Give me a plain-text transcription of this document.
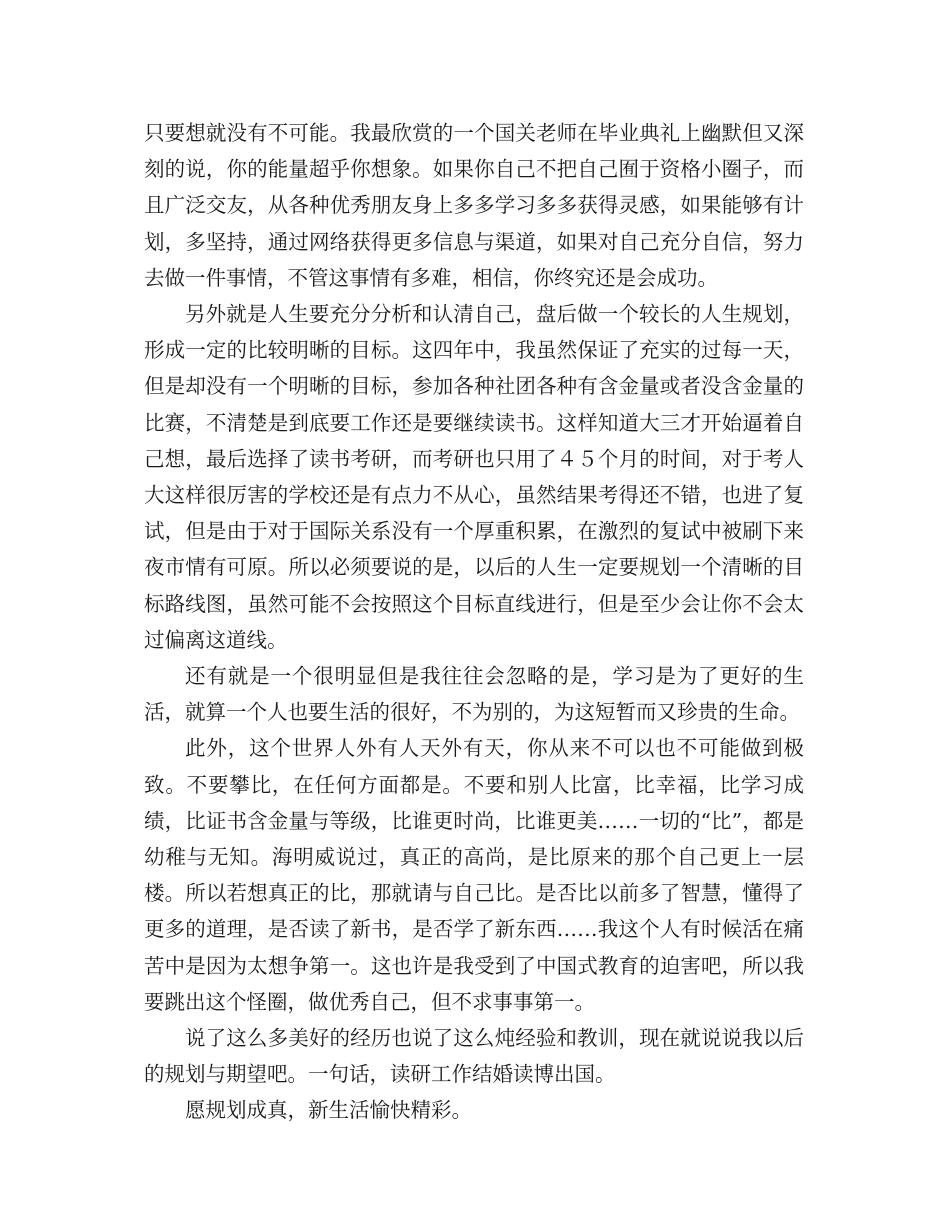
只要想就没有不可能。我最欣赏的一个国关老师在毕业典礼上幽默但又深刻的说，你的能量超乎你想象。如果你自己不把自己囿于资格小圈子，而且广泛交友，从各种优秀朋友身上多多学习多多获得灵感，如果能够有计划，多坚持，通过网络获得更多信息与渠道，如果对自己充分自信，努力去做一件事情，不管这事情有多难，相信，你终究还是会成功。

另外就是人生要充分分析和认清自己，盘后做一个较长的人生规划，形成一定的比较明晰的目标。这四年中，我虽然保证了充实的过每一天，但是却没有一个明晰的目标，参加各种社团各种有含金量或者没含金量的比赛，不清楚是到底要工作还是要继续读书。这样知道大三才开始逼着自己想，最后选择了读书考研，而考研也只用了４５个月的时间，对于考人大这样很厉害的学校还是有点力不从心，虽然结果考得还不错，也进了复试，但是由于对于国际关系没有一个厚重积累，在激烈的复试中被刷下来夜市情有可原。所以必须要说的是，以后的人生一定要规划一个清晰的目标路线图，虽然可能不会按照这个目标直线进行，但是至少会让你不会太过偏离这道线。

还有就是一个很明显但是我往往会忽略的是，学习是为了更好的生活，就算一个人也要生活的很好，不为别的，为这短暂而又珍贵的生命。

此外，这个世界人外有人天外有天，你从来不可以也不可能做到极致。不要攀比，在任何方面都是。不要和别人比富，比幸福，比学习成绩，比证书含金量与等级，比谁更时尚，比谁更美……一切的“比”，都是幼稚与无知。海明威说过，真正的高尚，是比原来的那个自己更上一层楼。所以若想真正的比，那就请与自己比。是否比以前多了智慧，懂得了更多的道理，是否读了新书，是否学了新东西……我这个人有时候活在痛苦中是因为太想争第一。这也许是我受到了中国式教育的迫害吧，所以我要跳出这个怪圈，做优秀自己，但不求事事第一。

说了这么多美好的经历也说了这么炖经验和教训，现在就说说我以后的规划与期望吧。一句话，读研工作结婚读博出国。

愿规划成真，新生活愉快精彩。
